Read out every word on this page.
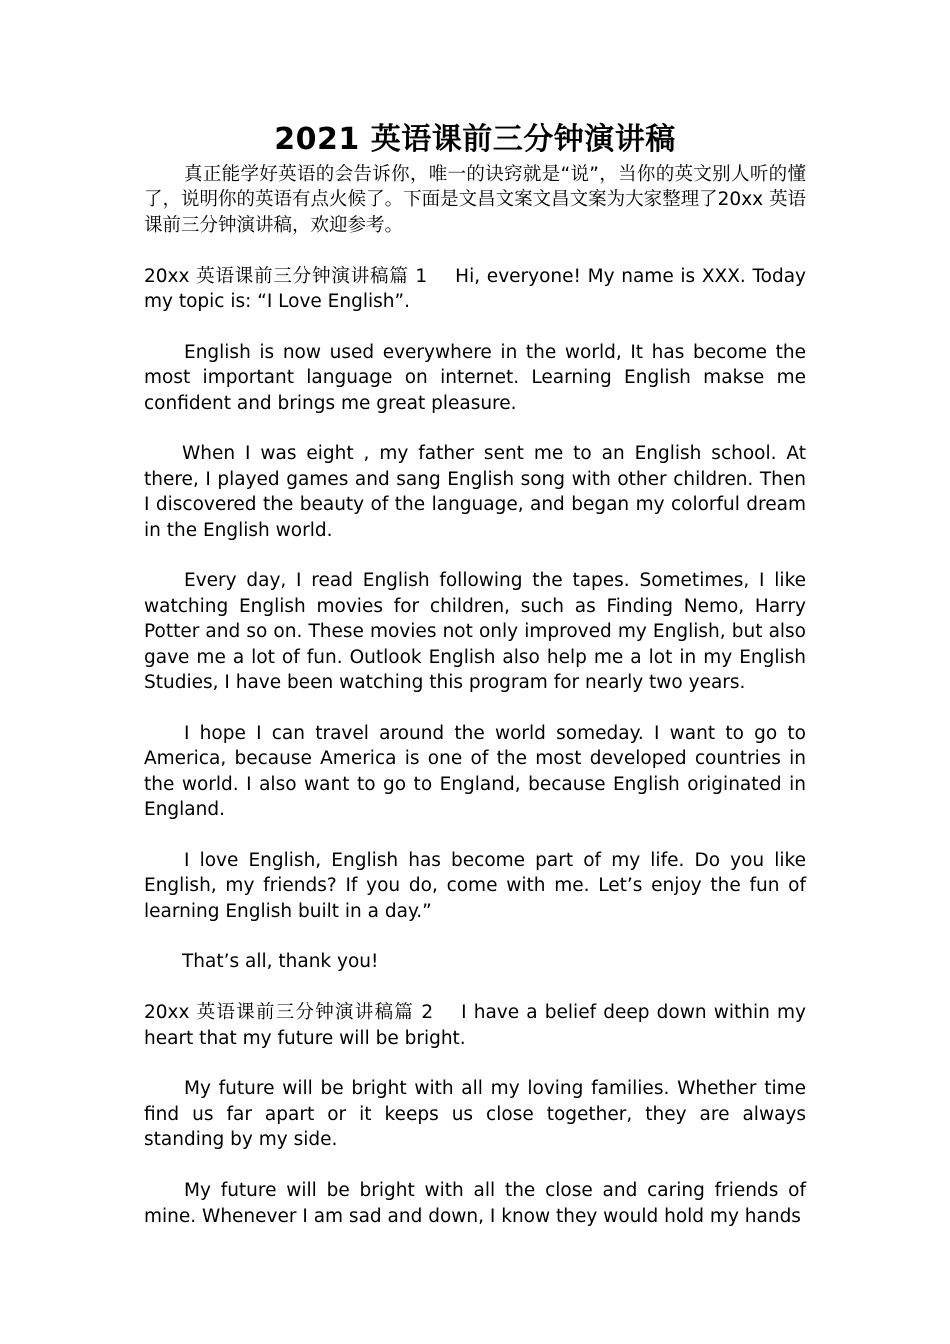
2021 英语课前三分钟演讲稿

真正能学好英语的会告诉你，唯一的诀窍就是“说”，当你的英文别人听的懂了，说明你的英语有点火候了。下面是文昌文案文昌文案为大家整理了20xx 英语课前三分钟演讲稿，欢迎参考。

20xx 英语课前三分钟演讲稿篇 1 Hi, everyone! My name is XXX. Today my topic is: “I Love English”.

English is now used everywhere in the world, It has become the most important language on internet. Learning English makse me confident and brings me great pleasure.

When I was eight , my father sent me to an English school. At there, I played games and sang English song with other children. Then I discovered the beauty of the language, and began my colorful dream in the English world.

Every day, I read English following the tapes. Sometimes, I like watching English movies for children, such as Finding Nemo, Harry Potter and so on. These movies not only improved my English, but also gave me a lot of fun. Outlook English also help me a lot in my English Studies, I have been watching this program for nearly two years.

I hope I can travel around the world someday. I want to go to America, because America is one of the most developed countries in the world. I also want to go to England, because English originated in England.

I love English, English has become part of my life. Do you like English, my friends? If you do, come with me. Let’s enjoy the fun of learning English built in a day.”

That’s all, thank you!

20xx 英语课前三分钟演讲稿篇 2 I have a belief deep down within my heart that my future will be bright.

My future will be bright with all my loving families. Whether time find us far apart or it keeps us close together, they are always standing by my side.

My future will be bright with all the close and caring friends of mine. Whenever I am sad and down, I know they would hold my hands
